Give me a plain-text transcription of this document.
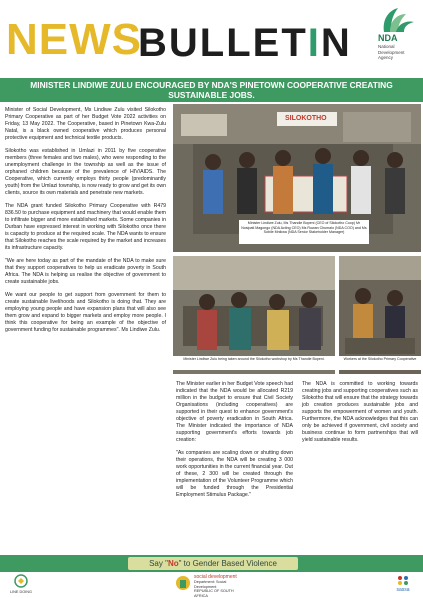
NEWS
BULLETIN	NDA
National
Development
Agency
MINISTER LINDIWE ZULU ENCOURAGED BY NDA'S PINETOWN COOPERATIVE CREATING
SUSTAINABLE JOBS.

Minister of Social Development, Ms Lindiwe Zulu visited Silokotho Primary Cooperative as part of her Budget Vote 2022 activities on Friday, 13 May 2022. The Cooperative, based in Pinetown Kwa-Zulu Natal, is a black owned cooperative which produces personal protective equipment and technical textile products.

Silokotho was established in Umlazi in 2011 by five cooperative members (three females and two males), who were responding to the unemployment challenge in the township as well as the issue of orphaned children because of the prevalence of HIV/AIDS. The Cooperative, which currently employs thirty people (predominantly youth) from the Umlazi township, is now ready to grow and get its own clients, source its own materials and penetrate new markets.

The NDA grant funded Silokotho Primary Cooperative with R479 836.50 to purchase equipment and machinery that would enable them to infiltrate bigger and more established markets. Some companies in Durban have expressed interest in working with Silokotho once there is capacity to produce at the required scale. The NDA wants to ensure that Silokotho reaches the scale required by the market and increases its infrastructure capacity.

"We are here today as part of the mandate of the NDA to make sure that they support cooperatives to help us eradicate poverty in South Africa. The NDA is helping us realise the objective of government to create sustainable jobs.

We want our people to get support from government for them to create sustainable livelihoods and Silokotho is doing that. They are employing young people and have expansion plans that will also see them grow and expand to bigger markets and employ more people. I think this cooperative for being an example of the objective of government funding for sustainable programmes". Ms Lindiwe Zulu.

SILOKOTHO
Minister Lindiwe Zulu, Ms Thandie Bopeni (CEO of Silokotho Coop) Mr Nosipati Magongo (NDA Acting CEO) Ms Rowan Chumalo (NDA COO) and Ms Sobile Mnikwa (NDA Senior Stakeholder Manager)
Minister Lindiwe Zulu being taken around the Silokotho workshop by Ms Thandie Bopeni.	Workers at the Silokotho Primary Cooperative

The Minister earlier in her Budget Vote speech had indicated that the NDA would be allocated R219 million in the budget to ensure that Civil Society Organisations (including cooperatives) are supported in their quest to enhance government's objective of poverty eradication in South Africa. The Minister indicated the importance of NDA supporting government's efforts towards job creation:

"As companies are scaling down or shutting down their operations, the NDA will be creating 3 000 work opportunities in the current financial year. Out of these, 2 300 will be created through the implementation of the Volunteer Programme which will be funded through the Presidential Employment Stimulus Package."

The NDA is committed to working towards creating jobs and supporting cooperatives such as Silokotho that will ensure that the strategy towards job creation produces sustainable jobs and supports the empowerment of women and youth. Furthermore, the NDA acknowledges that this can only be achieved if government, civil society and business continue to form partnerships that will yield sustainable results.

Say "No" to Gender Based Violence
LINE DOING
social development
Department: Social Development
REPUBLIC OF SOUTH AFRICA
sassa
